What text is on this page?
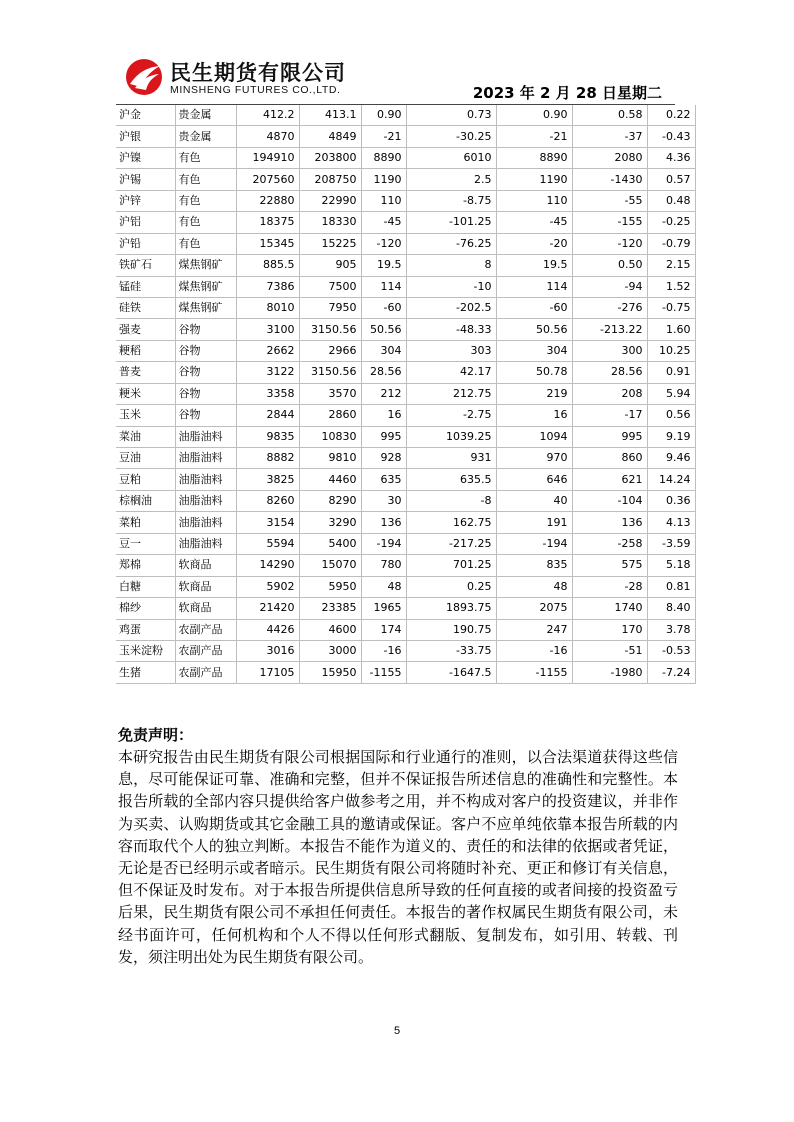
民生期货有限公司
MINSHENG FUTURES CO.,LTD.	2023 年 2 月 28 日星期二
沪金	贵金属	412.2	413.1	0.90	0.73	0.90	0.58	0.22
沪银	贵金属	4870	4849	-21	-30.25	-21	-37	-0.43
沪镍	有色	194910	203800	8890	6010	8890	2080	4.36
沪锡	有色	207560	208750	1190	2.5	1190	-1430	0.57
沪锌	有色	22880	22990	110	-8.75	110	-55	0.48
沪铝	有色	18375	18330	-45	-101.25	-45	-155	-0.25
沪铅	有色	15345	15225	-120	-76.25	-20	-120	-0.79
铁矿石	煤焦钢矿	885.5	905	19.5	8	19.5	0.50	2.15
锰硅	煤焦钢矿	7386	7500	114	-10	114	-94	1.52
硅铁	煤焦钢矿	8010	7950	-60	-202.5	-60	-276	-0.75
强麦	谷物	3100	3150.56	50.56	-48.33	50.56	-213.22	1.60
粳稻	谷物	2662	2966	304	303	304	300	10.25
普麦	谷物	3122	3150.56	28.56	42.17	50.78	28.56	0.91
粳米	谷物	3358	3570	212	212.75	219	208	5.94
玉米	谷物	2844	2860	16	-2.75	16	-17	0.56
菜油	油脂油料	9835	10830	995	1039.25	1094	995	9.19
豆油	油脂油料	8882	9810	928	931	970	860	9.46
豆粕	油脂油料	3825	4460	635	635.5	646	621	14.24
棕榈油	油脂油料	8260	8290	30	-8	40	-104	0.36
菜粕	油脂油料	3154	3290	136	162.75	191	136	4.13
豆一	油脂油料	5594	5400	-194	-217.25	-194	-258	-3.59
郑棉	软商品	14290	15070	780	701.25	835	575	5.18
白糖	软商品	5902	5950	48	0.25	48	-28	0.81
棉纱	软商品	21420	23385	1965	1893.75	2075	1740	8.40
鸡蛋	农副产品	4426	4600	174	190.75	247	170	3.78
玉米淀粉	农副产品	3016	3000	-16	-33.75	-16	-51	-0.53
生猪	农副产品	17105	15950	-1155	-1647.5	-1155	-1980	-7.24
免责声明：

本研究报告由民生期货有限公司根据国际和行业通行的准则，以合法渠道获得这些信息，尽可能保证可靠、准确和完整，但并不保证报告所述信息的准确性和完整性。本报告所载的全部内容只提供给客户做参考之用，并不构成对客户的投资建议，并非作为买卖、认购期货或其它金融工具的邀请或保证。客户不应单纯依靠本报告所载的内容而取代个人的独立判断。本报告不能作为道义的、责任的和法律的依据或者凭证，无论是否已经明示或者暗示。民生期货有限公司将随时补充、更正和修订有关信息，但不保证及时发布。对于本报告所提供信息所导致的任何直接的或者间接的投资盈亏后果，民生期货有限公司不承担任何责任。本报告的著作权属民生期货有限公司，未经书面许可，任何机构和个人不得以任何形式翻版、复制发布，如引用、转载、刊发，须注明出处为民生期货有限公司。

5
